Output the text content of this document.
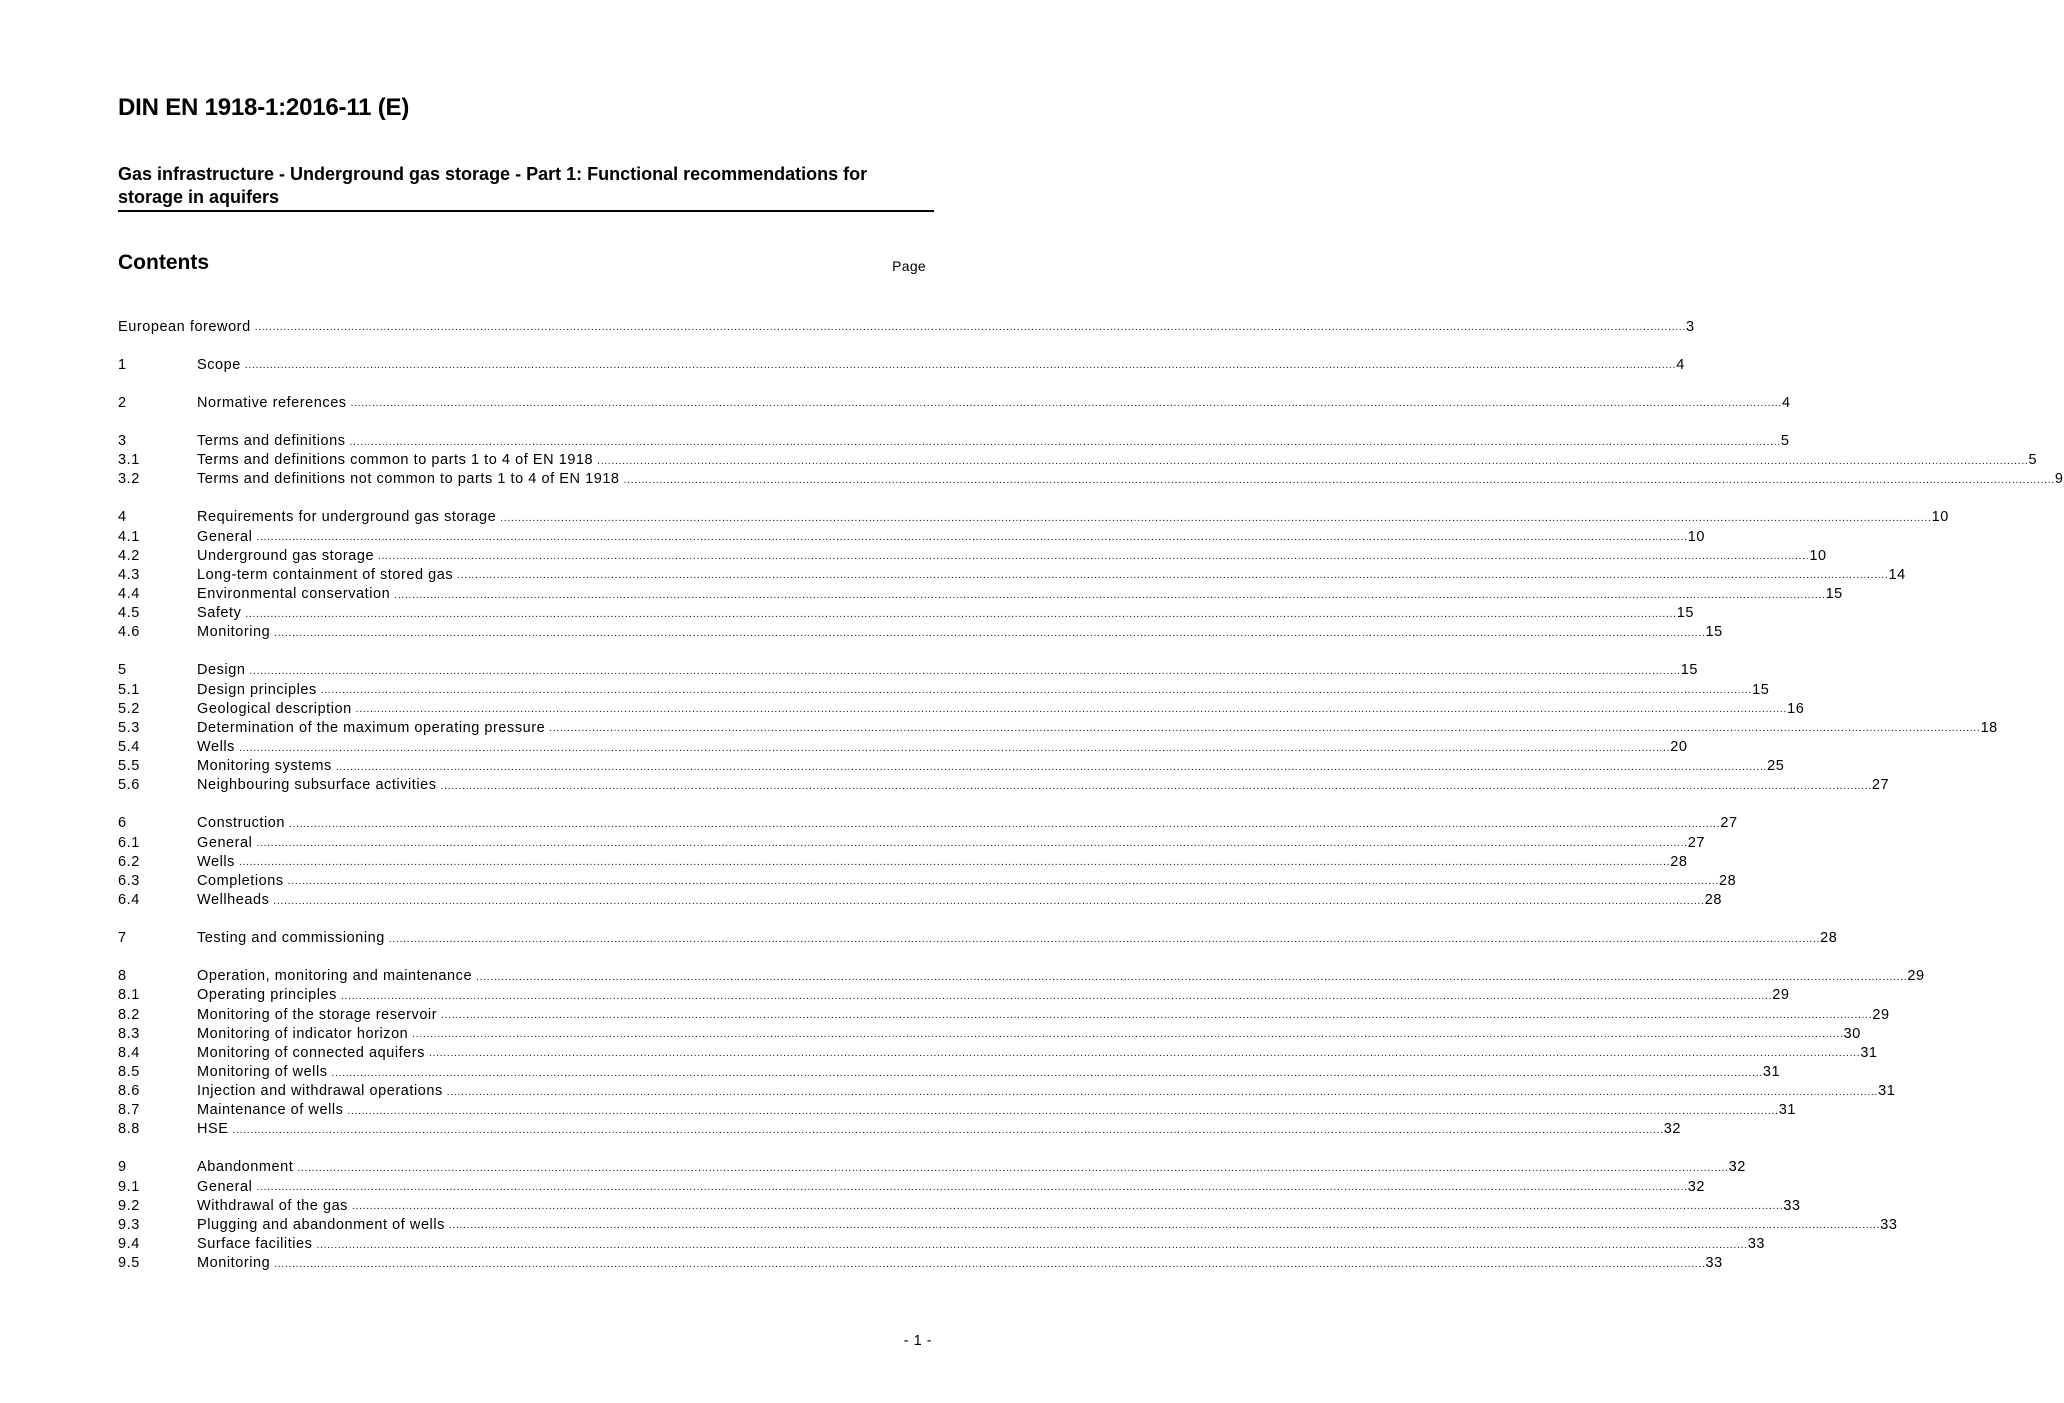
DIN EN 1918-1:2016-11 (E)
Gas infrastructure - Underground gas storage - Part 1: Functional recommendations for storage in aquifers
Contents	Page
European foreword ................................................................................................................................................................................................................................................................................................................................................................................................................ 3
1	Scope ................................................................................................................................................................................................................................................................................................................................................................................................................ 4
2	Normative references ................................................................................................................................................................................................................................................................................................................................................................................................................ 4
3	Terms and definitions ................................................................................................................................................................................................................................................................................................................................................................................................................ 5
3.1	Terms and definitions common to parts 1 to 4 of EN 1918 ................................................................................................................................................................................................................................................................................................................................................................................................................ 5
3.2	Terms and definitions not common to parts 1 to 4 of EN 1918 ................................................................................................................................................................................................................................................................................................................................................................................................................ 9
4	Requirements for underground gas storage ................................................................................................................................................................................................................................................................................................................................................................................................................ 10
4.1	General ................................................................................................................................................................................................................................................................................................................................................................................................................ 10
4.2	Underground gas storage ................................................................................................................................................................................................................................................................................................................................................................................................................ 10
4.3	Long-term containment of stored gas ................................................................................................................................................................................................................................................................................................................................................................................................................ 14
4.4	Environmental conservation ................................................................................................................................................................................................................................................................................................................................................................................................................ 15
4.5	Safety ................................................................................................................................................................................................................................................................................................................................................................................................................ 15
4.6	Monitoring ................................................................................................................................................................................................................................................................................................................................................................................................................ 15
5	Design ................................................................................................................................................................................................................................................................................................................................................................................................................ 15
5.1	Design principles ................................................................................................................................................................................................................................................................................................................................................................................................................ 15
5.2	Geological description ................................................................................................................................................................................................................................................................................................................................................................................................................ 16
5.3	Determination of the maximum operating pressure ................................................................................................................................................................................................................................................................................................................................................................................................................ 18
5.4	Wells ................................................................................................................................................................................................................................................................................................................................................................................................................ 20
5.5	Monitoring systems ................................................................................................................................................................................................................................................................................................................................................................................................................ 25
5.6	Neighbouring subsurface activities ................................................................................................................................................................................................................................................................................................................................................................................................................ 27
6	Construction ................................................................................................................................................................................................................................................................................................................................................................................................................ 27
6.1	General ................................................................................................................................................................................................................................................................................................................................................................................................................ 27
6.2	Wells ................................................................................................................................................................................................................................................................................................................................................................................................................ 28
6.3	Completions ................................................................................................................................................................................................................................................................................................................................................................................................................ 28
6.4	Wellheads ................................................................................................................................................................................................................................................................................................................................................................................................................ 28
7	Testing and commissioning ................................................................................................................................................................................................................................................................................................................................................................................................................ 28
8	Operation, monitoring and maintenance ................................................................................................................................................................................................................................................................................................................................................................................................................ 29
8.1	Operating principles ................................................................................................................................................................................................................................................................................................................................................................................................................ 29
8.2	Monitoring of the storage reservoir ................................................................................................................................................................................................................................................................................................................................................................................................................ 29
8.3	Monitoring of indicator horizon ................................................................................................................................................................................................................................................................................................................................................................................................................ 30
8.4	Monitoring of connected aquifers ................................................................................................................................................................................................................................................................................................................................................................................................................ 31
8.5	Monitoring of wells ................................................................................................................................................................................................................................................................................................................................................................................................................ 31
8.6	Injection and withdrawal operations ................................................................................................................................................................................................................................................................................................................................................................................................................ 31
8.7	Maintenance of wells ................................................................................................................................................................................................................................................................................................................................................................................................................ 31
8.8	HSE ................................................................................................................................................................................................................................................................................................................................................................................................................ 32
9	Abandonment ................................................................................................................................................................................................................................................................................................................................................................................................................ 32
9.1	General ................................................................................................................................................................................................................................................................................................................................................................................................................ 32
9.2	Withdrawal of the gas ................................................................................................................................................................................................................................................................................................................................................................................................................ 33
9.3	Plugging and abandonment of wells ................................................................................................................................................................................................................................................................................................................................................................................................................ 33
9.4	Surface facilities ................................................................................................................................................................................................................................................................................................................................................................................................................ 33
9.5	Monitoring ................................................................................................................................................................................................................................................................................................................................................................................................................ 33
- 1 -
